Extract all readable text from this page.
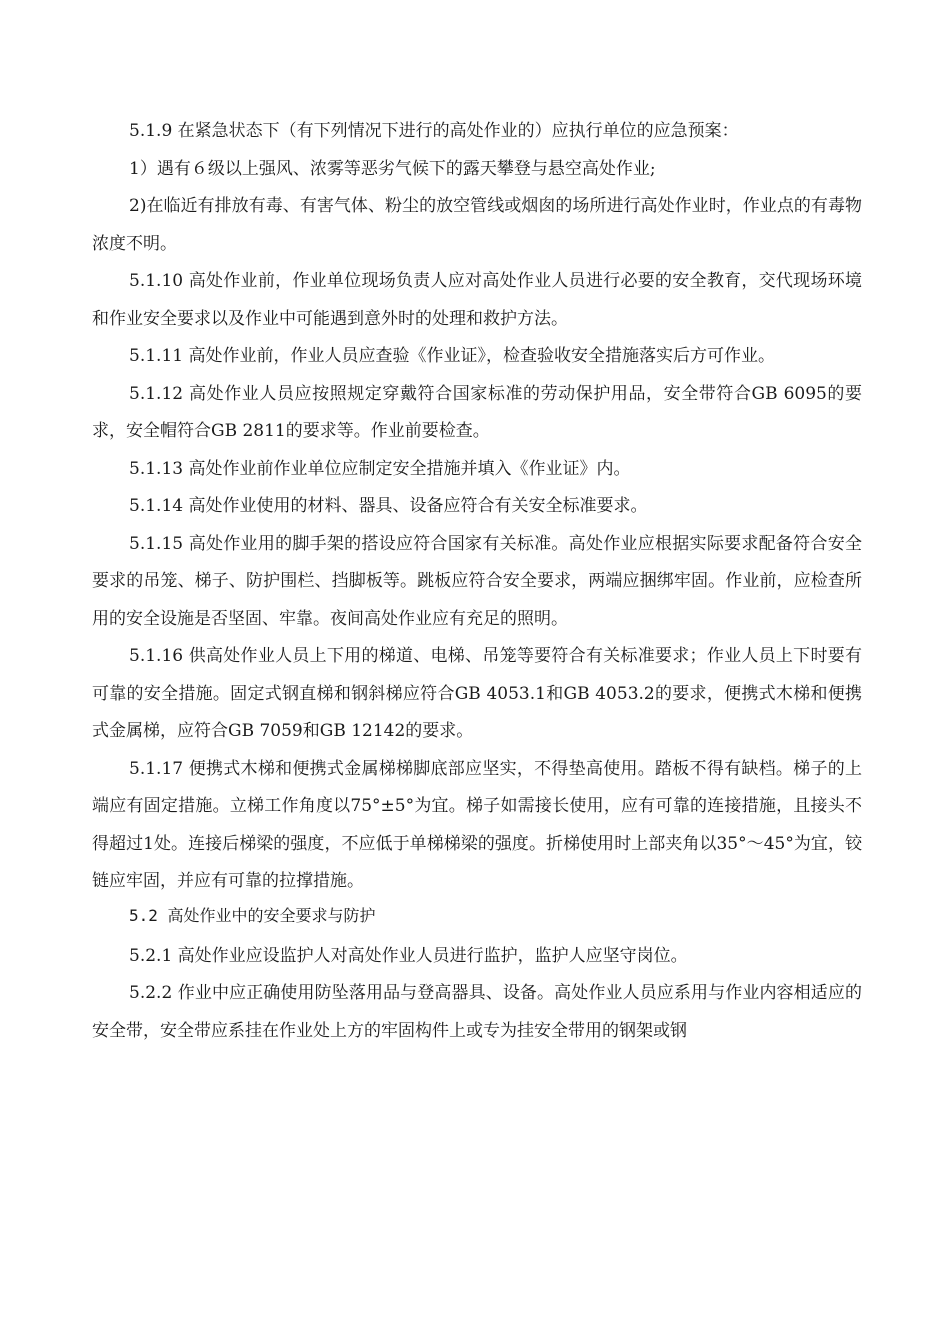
5.1.9 在紧急状态下（有下列情况下进行的高处作业的）应执行单位的应急预案：

1）遇有６级以上强风、浓雾等恶劣气候下的露天攀登与悬空高处作业;

2)在临近有排放有毒、有害气体、粉尘的放空管线或烟囱的场所进行高处作业时，作业点的有毒物浓度不明。

5.1.10 高处作业前，作业单位现场负责人应对高处作业人员进行必要的安全教育，交代现场环境和作业安全要求以及作业中可能遇到意外时的处理和救护方法。

5.1.11 高处作业前，作业人员应查验《作业证》，检查验收安全措施落实后方可作业。

5.1.12 高处作业人员应按照规定穿戴符合国家标准的劳动保护用品，安全带符合GB 6095的要求，安全帽符合GB 2811的要求等。作业前要检查。

5.1.13 高处作业前作业单位应制定安全措施并填入《作业证》内。

5.1.14 高处作业使用的材料、器具、设备应符合有关安全标准要求。

5.1.15 高处作业用的脚手架的搭设应符合国家有关标准。高处作业应根据实际要求配备符合安全要求的吊笼、梯子、防护围栏、挡脚板等。跳板应符合安全要求，两端应捆绑牢固。作业前，应检查所用的安全设施是否坚固、牢靠。夜间高处作业应有充足的照明。

5.1.16 供高处作业人员上下用的梯道、电梯、吊笼等要符合有关标准要求；作业人员上下时要有可靠的安全措施。固定式钢直梯和钢斜梯应符合GB 4053.1和GB 4053.2的要求，便携式木梯和便携式金属梯，应符合GB 7059和GB 12142的要求。

5.1.17 便携式木梯和便携式金属梯梯脚底部应坚实，不得垫高使用。踏板不得有缺档。梯子的上端应有固定措施。立梯工作角度以75°±5°为宜。梯子如需接长使用，应有可靠的连接措施，且接头不得超过1处。连接后梯梁的强度，不应低于单梯梯梁的强度。折梯使用时上部夹角以35°～45°为宜，铰链应牢固，并应有可靠的拉撑措施。

5.2 高处作业中的安全要求与防护

5.2.1 高处作业应设监护人对高处作业人员进行监护，监护人应坚守岗位。

5.2.2 作业中应正确使用防坠落用品与登高器具、设备。高处作业人员应系用与作业内容相适应的安全带，安全带应系挂在作业处上方的牢固构件上或专为挂安全带用的钢架或钢
